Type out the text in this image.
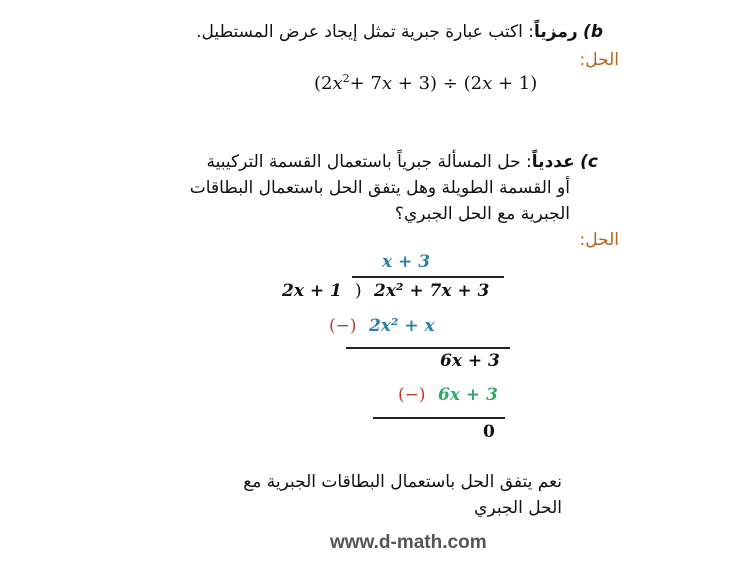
b) رمزياً: اكتب عبارة جبرية تمثل إيجاد عرض المستطيل.
الحل:
$(2x^2+ 7x + 3) \div (2x + 1)$
c) عددياً: حل المسألة جبرياً باستعمال القسمة التركيبية
أو القسمة الطويلة وهل يتفق الحل باستعمال البطاقات
الجبرية مع الحل الجبري؟
الحل:
x + 3
2x + 1 ) 2x² + 7x + 3
(−) 2x² + x
6x + 3
(−) 6x + 3
0
نعم يتفق الحل باستعمال البطاقات الجبرية مع
الحل الجبري
www.d-math.com
